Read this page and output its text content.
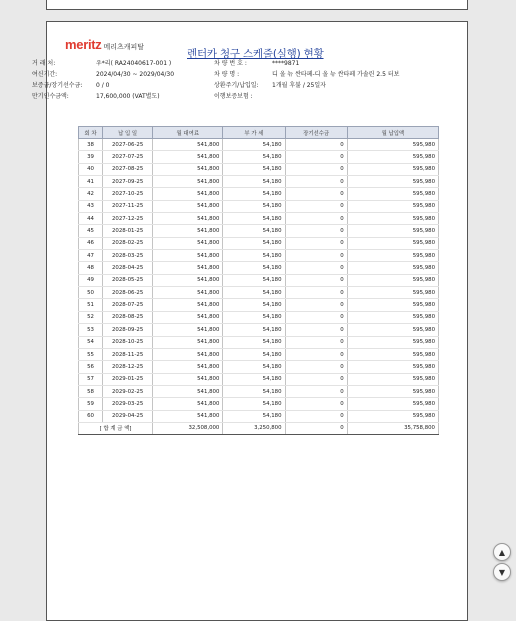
meritz 메리츠캐피탈
렌터카 청구 스케줄(실행) 현황
거 래 처:	우*리( RA24040617-001 )
여신기간:	2024/04/30 ~ 2029/04/30
보증금/장기선수금:	0 / 0
만기인수금액:	17,600,000 (VAT별도)
차 량 번 호 :	****9871
차 량 명 :	디 올 뉴 싼타페-디 올 뉴 싼타페 가솔린 2.5 터보
상환주기/납입일:	1개월 후불 / 25일자
이행보증보험 :
회 차	납 입 일	월 대여료	부 가 세	장기선수금	월 납입액
38	2027-06-25	541,800	54,180	0	595,980
39	2027-07-25	541,800	54,180	0	595,980
40	2027-08-25	541,800	54,180	0	595,980
41	2027-09-25	541,800	54,180	0	595,980
42	2027-10-25	541,800	54,180	0	595,980
43	2027-11-25	541,800	54,180	0	595,980
44	2027-12-25	541,800	54,180	0	595,980
45	2028-01-25	541,800	54,180	0	595,980
46	2028-02-25	541,800	54,180	0	595,980
47	2028-03-25	541,800	54,180	0	595,980
48	2028-04-25	541,800	54,180	0	595,980
49	2028-05-25	541,800	54,180	0	595,980
50	2028-06-25	541,800	54,180	0	595,980
51	2028-07-25	541,800	54,180	0	595,980
52	2028-08-25	541,800	54,180	0	595,980
53	2028-09-25	541,800	54,180	0	595,980
54	2028-10-25	541,800	54,180	0	595,980
55	2028-11-25	541,800	54,180	0	595,980
56	2028-12-25	541,800	54,180	0	595,980
57	2029-01-25	541,800	54,180	0	595,980
58	2029-02-25	541,800	54,180	0	595,980
59	2029-03-25	541,800	54,180	0	595,980
60	2029-04-25	541,800	54,180	0	595,980
[ 합 계 금 액]		32,508,000	3,250,800	0	35,758,800
▲
▼
